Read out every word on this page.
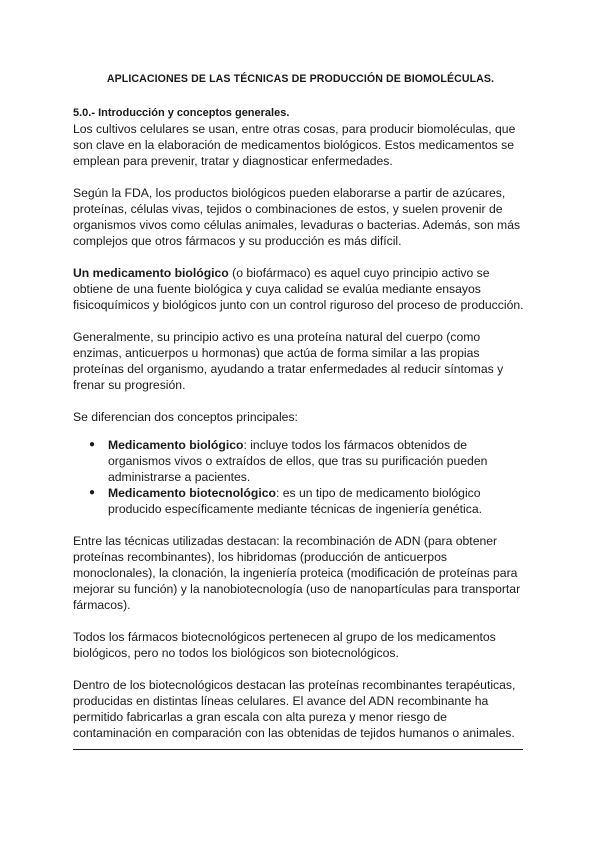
APLICACIONES DE LAS TÉCNICAS DE PRODUCCIÓN DE BIOMOLÉCULAS.
5.0.- Introducción y conceptos generales.

Los cultivos celulares se usan, entre otras cosas, para producir biomoléculas, que son clave en la elaboración de medicamentos biológicos. Estos medicamentos se emplean para prevenir, tratar y diagnosticar enfermedades.

Según la FDA, los productos biológicos pueden elaborarse a partir de azúcares, proteínas, células vivas, tejidos o combinaciones de estos, y suelen provenir de organismos vivos como células animales, levaduras o bacterias. Además, son más complejos que otros fármacos y su producción es más difícil.

Un medicamento biológico (o biofármaco) es aquel cuyo principio activo se obtiene de una fuente biológica y cuya calidad se evalúa mediante ensayos fisicoquímicos y biológicos junto con un control riguroso del proceso de producción.

Generalmente, su principio activo es una proteína natural del cuerpo (como enzimas, anticuerpos u hormonas) que actúa de forma similar a las propias proteínas del organismo, ayudando a tratar enfermedades al reducir síntomas y frenar su progresión.

Se diferencian dos conceptos principales:

● Medicamento biológico: incluye todos los fármacos obtenidos de organismos vivos o extraídos de ellos, que tras su purificación pueden administrarse a pacientes.
● Medicamento biotecnológico: es un tipo de medicamento biológico producido específicamente mediante técnicas de ingeniería genética.

Entre las técnicas utilizadas destacan: la recombinación de ADN (para obtener proteínas recombinantes), los hibridomas (producción de anticuerpos monoclonales), la clonación, la ingeniería proteica (modificación de proteínas para mejorar su función) y la nanobiotecnología (uso de nanopartículas para transportar fármacos).

Todos los fármacos biotecnológicos pertenecen al grupo de los medicamentos biológicos, pero no todos los biológicos son biotecnológicos.

Dentro de los biotecnológicos destacan las proteínas recombinantes terapéuticas, producidas en distintas líneas celulares. El avance del ADN recombinante ha permitido fabricarlas a gran escala con alta pureza y menor riesgo de contaminación en comparación con las obtenidas de tejidos humanos o animales.
